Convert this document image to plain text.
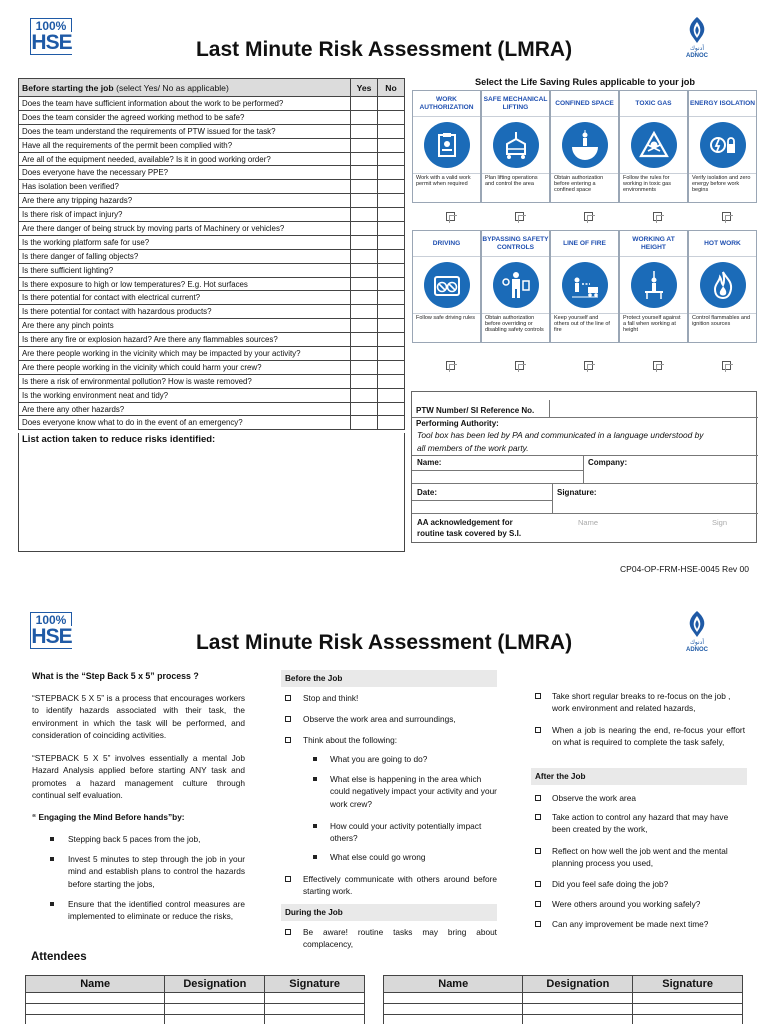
100%
HSE	أدنوك
ADNOC
Last Minute Risk Assessment (LMRA)
Before starting the job (select Yes/ No as applicable)	Yes	No
Does the team have sufficient information about the work to be performed?		
Does the team consider the agreed working method to be safe?		
Does the team understand the requirements of PTW issued for the task?		
Have all the requirements of the permit been complied with?		
Are all of the equipment needed, available? Is it in good working order?		
Does everyone have the necessary PPE?		
Has isolation been verified?		
Are there any tripping hazards?		
Is there risk of impact injury?		
Are there danger of being struck by moving parts of Machinery or vehicles?		
Is the working platform safe for use?		
Is there danger of falling objects?		
Is there sufficient lighting?		
Is there exposure to high or low temperatures? E.g. Hot surfaces		
Is there potential for contact with electrical current?		
Is there potential for contact with hazardous products?		
Are there any pinch points		
Is there any fire or explosion hazard? Are there any flammables sources?		
Are there people working in the vicinity which may be impacted by your activity?		
Are there people working in the vicinity which could harm your crew?		
Is there a risk of environmental pollution? How is waste removed?		
Is the working environment neat and tidy?		
Are there any other hazards?		
Does everyone know what to do in the event of an emergency?		
List action taken to reduce risks identified:
Select the Life Saving Rules applicable to your job
WORK AUTHORIZATION
Work with a valid work permit when required
SAFE MECHANICAL LIFTING
Plan lifting operations and control the area
CONFINED SPACE
Obtain authorization before entering a confined space
TOXIC GAS
Follow the rules for working in toxic gas environments
ENERGY ISOLATION
Verify isolation and zero energy before work begins
DRIVING
Follow safe driving rules
BYPASSING SAFETY CONTROLS
Obtain authorization before overriding or disabling safety controls
LINE OF FIRE
Keep yourself and others out of the line of fire
WORKING AT HEIGHT
Protect yourself against a fall when working at height
HOT WORK
Control flammables and ignition sources
PTW Number/ SI Reference No.
Performing Authority:
Tool box has been led by PA and communicated in a language understood by
all members of the work party.
Name:	Company:
Date:	Signature:
AA acknowledgement for
routine task covered by S.I.
Name	Sign
CP04-OP-FRM-HSE-0045 Rev 00
100%
HSE	أدنوك
ADNOC
Last Minute Risk Assessment (LMRA)
What is the “Step Back 5 x 5” process ?
“STEPBACK 5 X 5” is a process that encourages workers to identify hazards associated with their task, the environment in which the task will be performed, and consideration of coinciding activities.
“STEPBACK 5 X 5” involves essentially a mental Job Hazard Analysis applied before starting ANY task and promotes a hazard management culture through continual self evaluation.
“ Engaging the Mind Before hands”by:
Stepping back 5 paces from the job,
Invest 5 minutes to step through the job in your mind and establish plans to control the hazards before starting the jobs,
Ensure that the identified control measures are implemented to eliminate or reduce the risks,
Before the Job
Stop and think!
Observe the work area and surroundings,
Think about the following:
What you are going to do?
What else is happening in the area which could negatively impact your activity and your work crew?
How could your activity potentially impact others?
What else could go wrong
Effectively communicate with others around before starting work.
During the Job
Be aware! routine tasks may bring about complacency,
Take short regular breaks to re-focus on the job , work environment and related hazards,
When a job is nearing the end, re-focus your effort on what is required to complete the task safely,
After the Job
Observe the work area
Take action to control any hazard that may have been created by the work,
Reflect on how well the job went and the mental planning process you used,
Did you feel safe doing the job?
Were others around you working safely?
Can any improvement be made next time?
Attendees
Name	Designation	Signature

			Name	Designation	Signature
